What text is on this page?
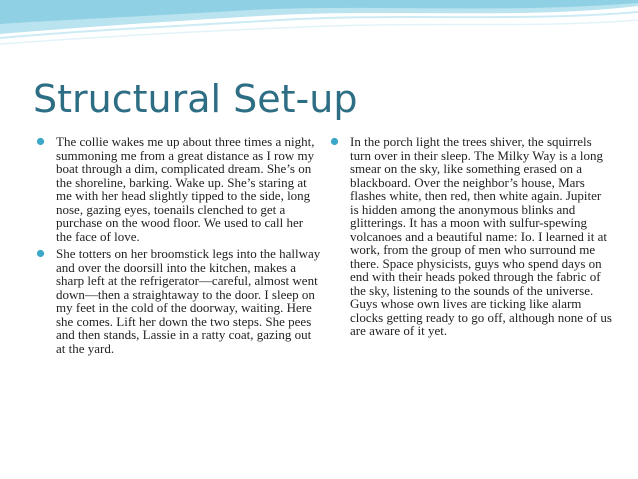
Structural Set-up
The collie wakes me up about three times a night, summoning me from a great distance as I row my boat through a dim, complicated dream. She’s on the shoreline, barking. Wake up. She’s staring at me with her head slightly tipped to the side, long nose, gazing eyes, toenails clenched to get a purchase on the wood floor. We used to call her the face of love.
She totters on her broomstick legs into the hallway and over the doorsill into the kitchen, makes a sharp left at the refrigerator—careful, almost went down—then a straightaway to the door. I sleep on my feet in the cold of the doorway, waiting. Here she comes. Lift her down the two steps. She pees and then stands, Lassie in a ratty coat, gazing out at the yard.
In the porch light the trees shiver, the squirrels turn over in their sleep. The Milky Way is a long smear on the sky, like something erased on a blackboard. Over the neighbor’s house, Mars flashes white, then red, then white again. Jupiter is hidden among the anonymous blinks and glitterings. It has a moon with sulfur-spewing volcanoes and a beautiful name: Io. I learned it at work, from the group of men who surround me there. Space physicists, guys who spend days on end with their heads poked through the fabric of the sky, listening to the sounds of the universe. Guys whose own lives are ticking like alarm clocks getting ready to go off, although none of us are aware of it yet.
